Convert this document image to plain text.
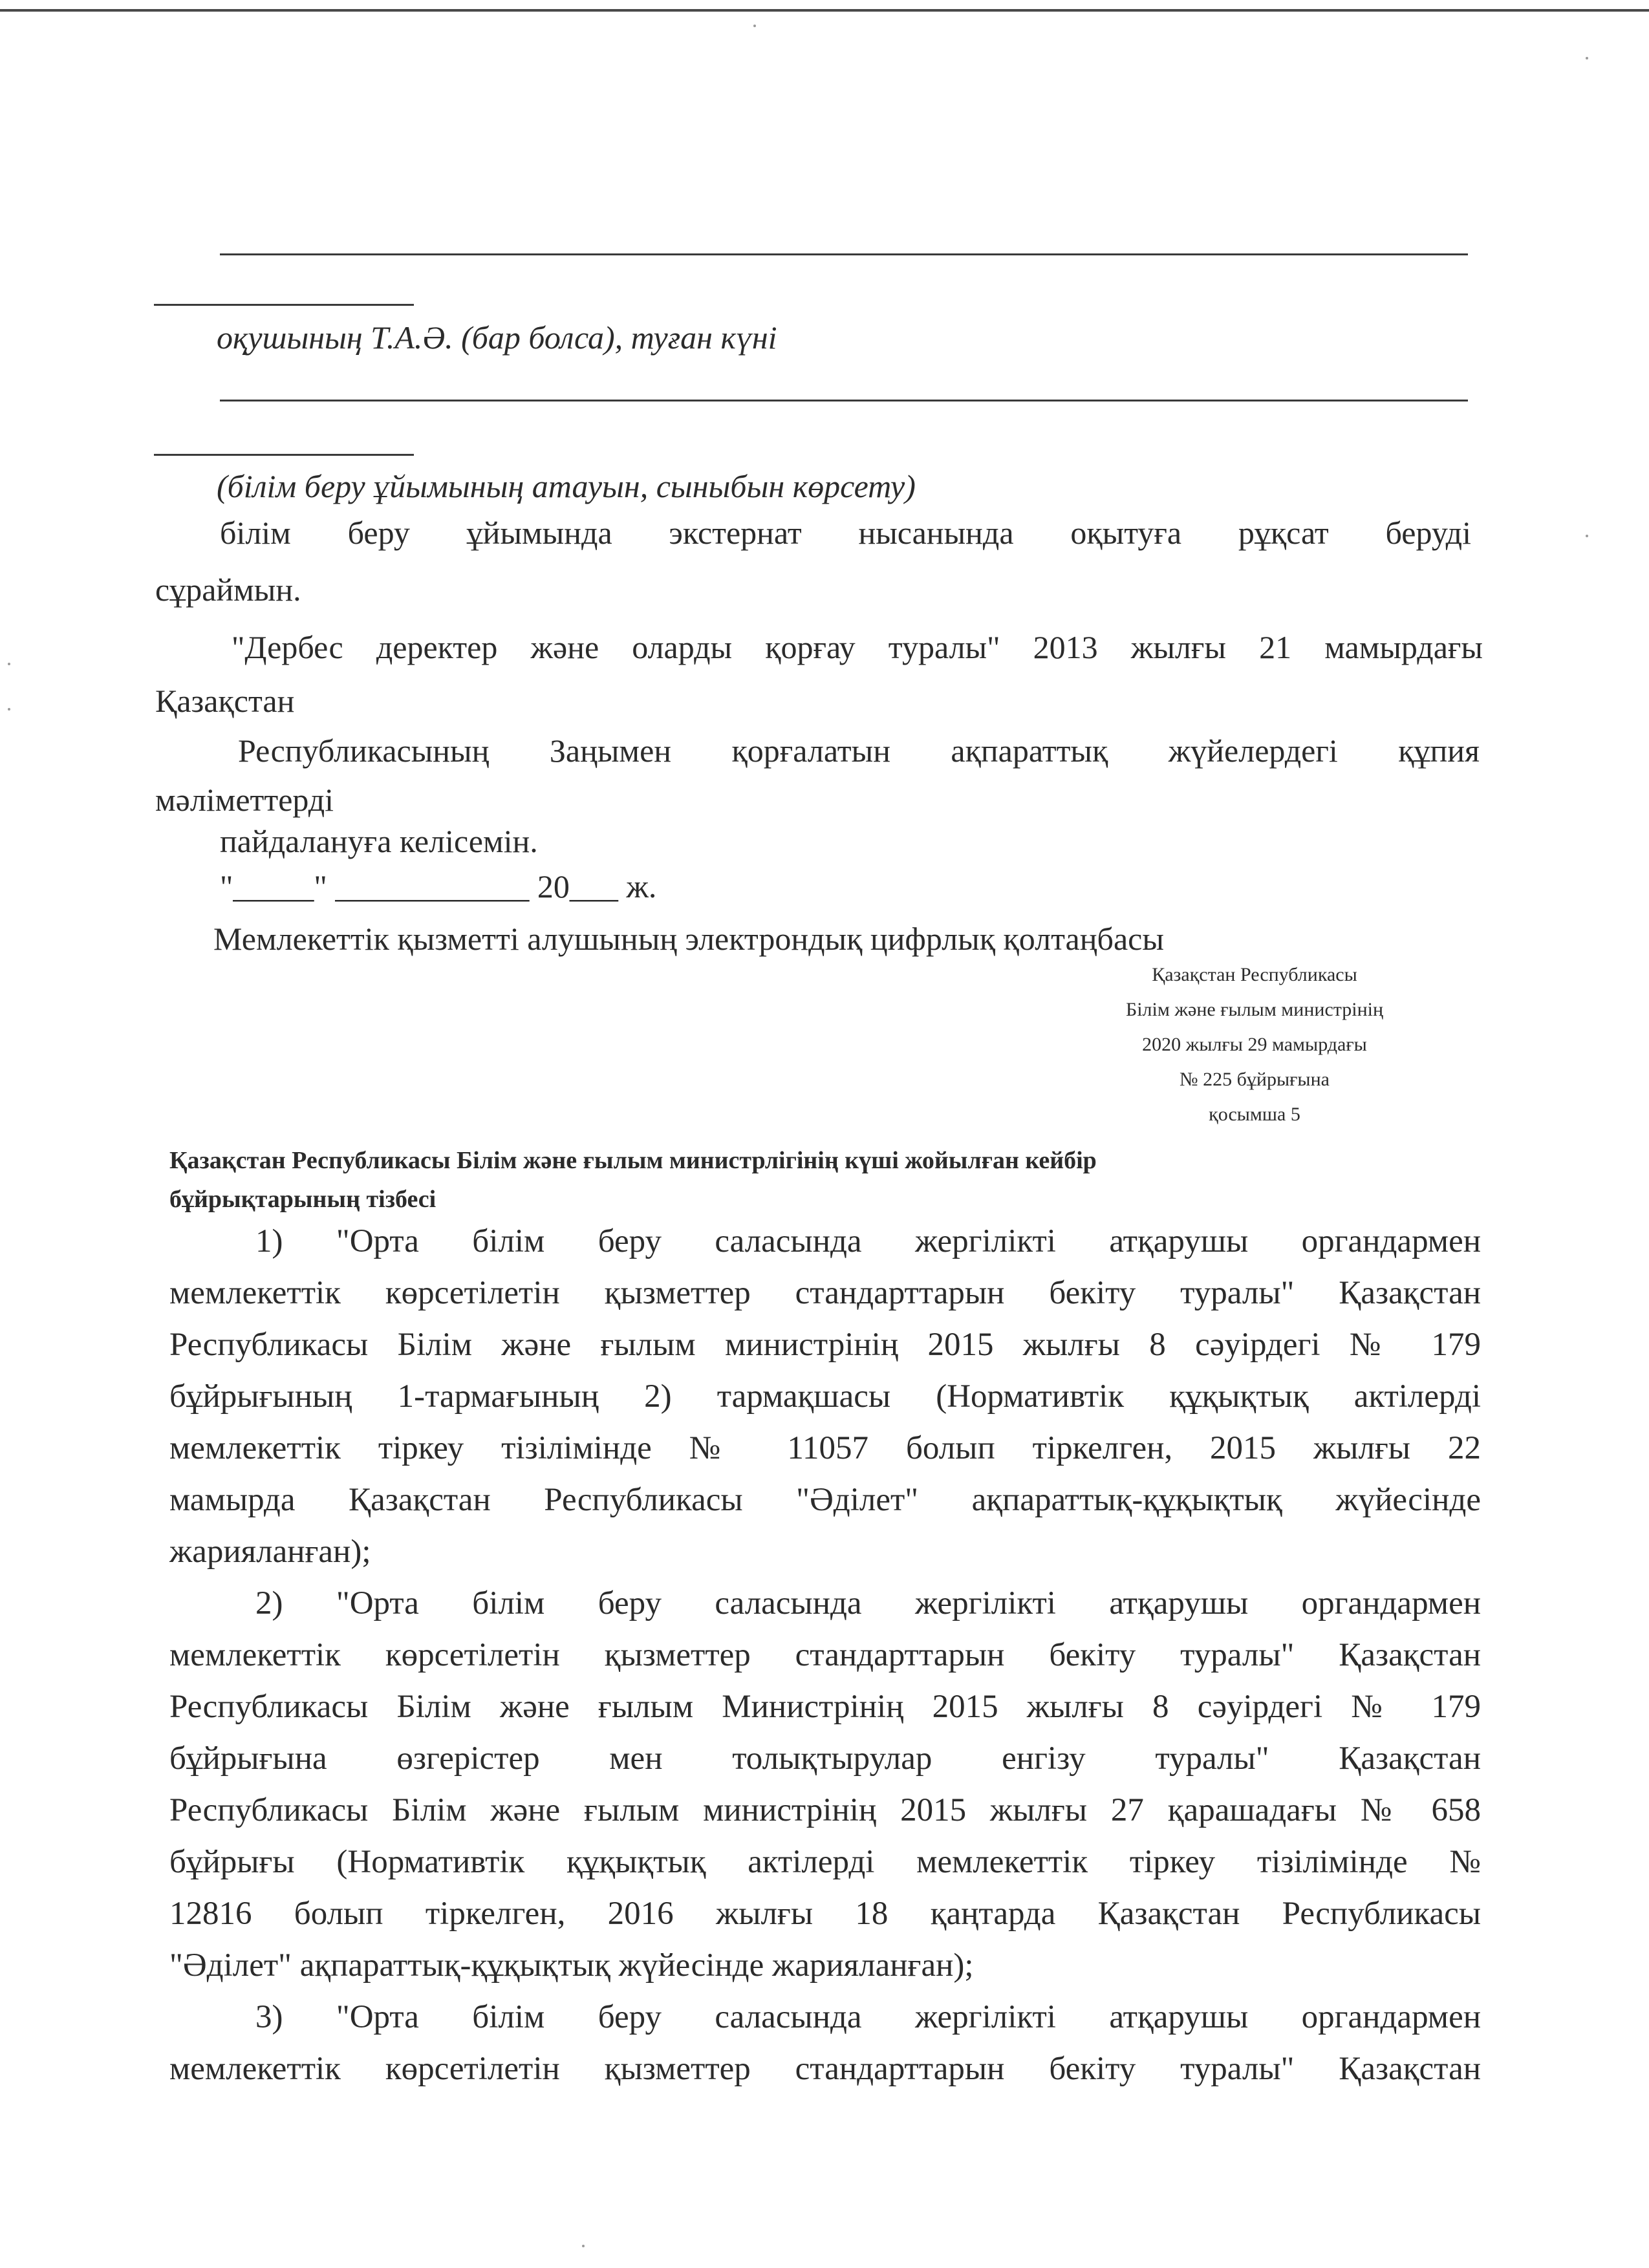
оқушының Т.А.Ә. (бар болса), туған күні
(білім беру ұйымының атауын, сыныбын көрсету)
білім беру ұйымында экстернат нысанында оқытуға рұқсат беруді
сұраймын.
"Дербес деректер және оларды қорғау туралы" 2013 жылғы 21 мамырдағы
Қазақстан
Республикасының Заңымен қорғалатын ақпараттық жүйелердегі құпия
мәліметтерді
пайдалануға келісемін.
"_____" ____________ 20___ ж.
Мемлекеттік қызметті алушының электрондық цифрлық қолтаңбасы
Қазақстан Республикасы
Білім және ғылым министрінің
2020 жылғы 29 мамырдағы
№ 225 бұйрығына
қосымша 5
Қазақстан Республикасы Білім және ғылым министрлігінің күші жойылған кейбір
бұйрықтарының тізбесі
1) "Орта білім беру саласында жергілікті атқарушы органдармен
мемлекеттік көрсетілетін қызметтер стандарттарын бекіту туралы" Қазақстан
Республикасы Білім және ғылым министрінің 2015 жылғы 8 сәуірдегі № 179
бұйрығының 1-тармағының 2) тармақшасы (Нормативтік құқықтық актілерді
мемлекеттік тіркеу тізілімінде № 11057 болып тіркелген, 2015 жылғы 22
мамырда Қазақстан Республикасы "Әділет" ақпараттық-құқықтық жүйесінде
жарияланған);
2) "Орта білім беру саласында жергілікті атқарушы органдармен
мемлекеттік көрсетілетін қызметтер стандарттарын бекіту туралы" Қазақстан
Республикасы Білім және ғылым Министрінің 2015 жылғы 8 сәуірдегі № 179
бұйрығына өзгерістер мен толықтырулар енгізу туралы" Қазақстан
Республикасы Білім және ғылым министрінің 2015 жылғы 27 қарашадағы № 658
бұйрығы (Нормативтік құқықтық актілерді мемлекеттік тіркеу тізілімінде №
12816 болып тіркелген, 2016 жылғы 18 қаңтарда Қазақстан Республикасы
"Әділет" ақпараттық-құқықтық жүйесінде жарияланған);
3) "Орта білім беру саласында жергілікті атқарушы органдармен
мемлекеттік көрсетілетін қызметтер стандарттарын бекіту туралы" Қазақстан
